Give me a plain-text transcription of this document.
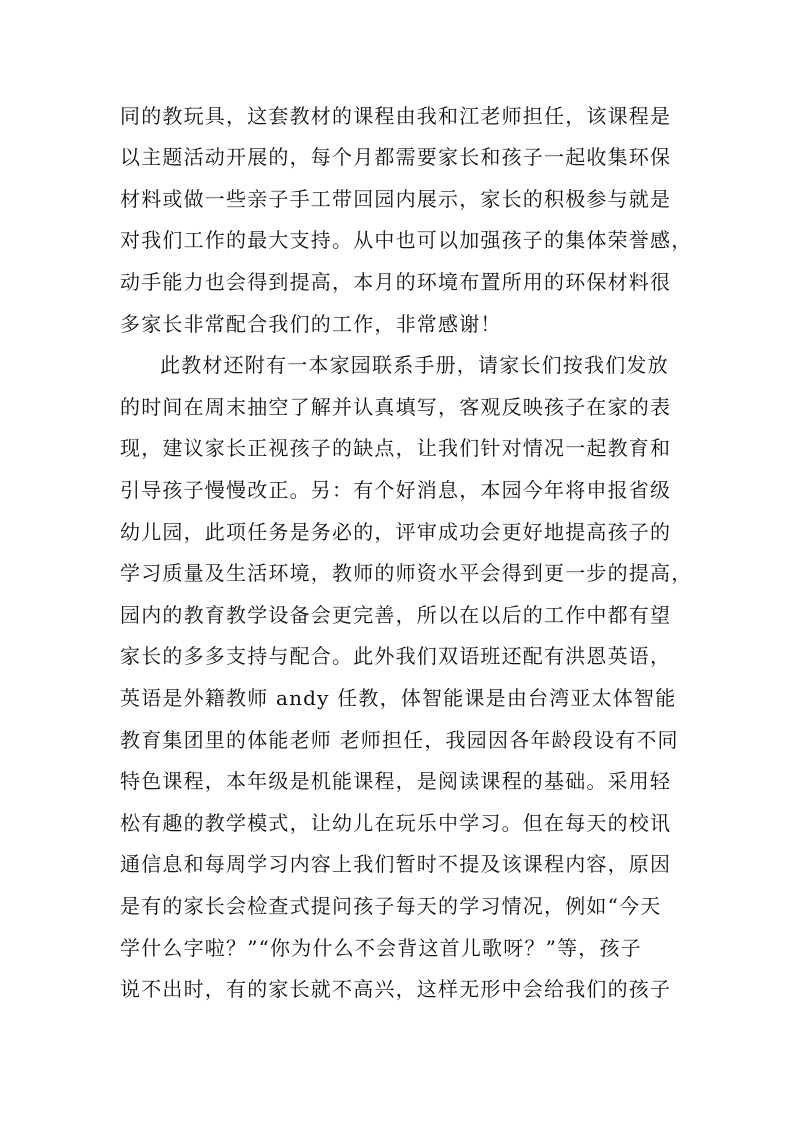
同的教玩具，这套教材的课程由我和江老师担任，该课程是
以主题活动开展的，每个月都需要家长和孩子一起收集环保
材料或做一些亲子手工带回园内展示，家长的积极参与就是
对我们工作的最大支持。从中也可以加强孩子的集体荣誉感，
动手能力也会得到提高，本月的环境布置所用的环保材料很
多家长非常配合我们的工作，非常感谢！
此教材还附有一本家园联系手册，请家长们按我们发放
的时间在周末抽空了解并认真填写，客观反映孩子在家的表
现，建议家长正视孩子的缺点，让我们针对情况一起教育和
引导孩子慢慢改正。另：有个好消息，本园今年将申报省级
幼儿园，此项任务是务必的，评审成功会更好地提高孩子的
学习质量及生活环境，教师的师资水平会得到更一步的提高，
园内的教育教学设备会更完善，所以在以后的工作中都有望
家长的多多支持与配合。此外我们双语班还配有洪恩英语，
英语是外籍教师 andy 任教，体智能课是由台湾亚太体智能
教育集团里的体能老师 老师担任，我园因各年龄段设有不同
特色课程，本年级是机能课程，是阅读课程的基础。采用轻
松有趣的教学模式，让幼儿在玩乐中学习。但在每天的校讯
通信息和每周学习内容上我们暂时不提及该课程内容，原因
是有的家长会检查式提问孩子每天的学习情况，例如“今天
学什么字啦？”“你为什么不会背这首儿歌呀？”等，孩子
说不出时，有的家长就不高兴，这样无形中会给我们的孩子
